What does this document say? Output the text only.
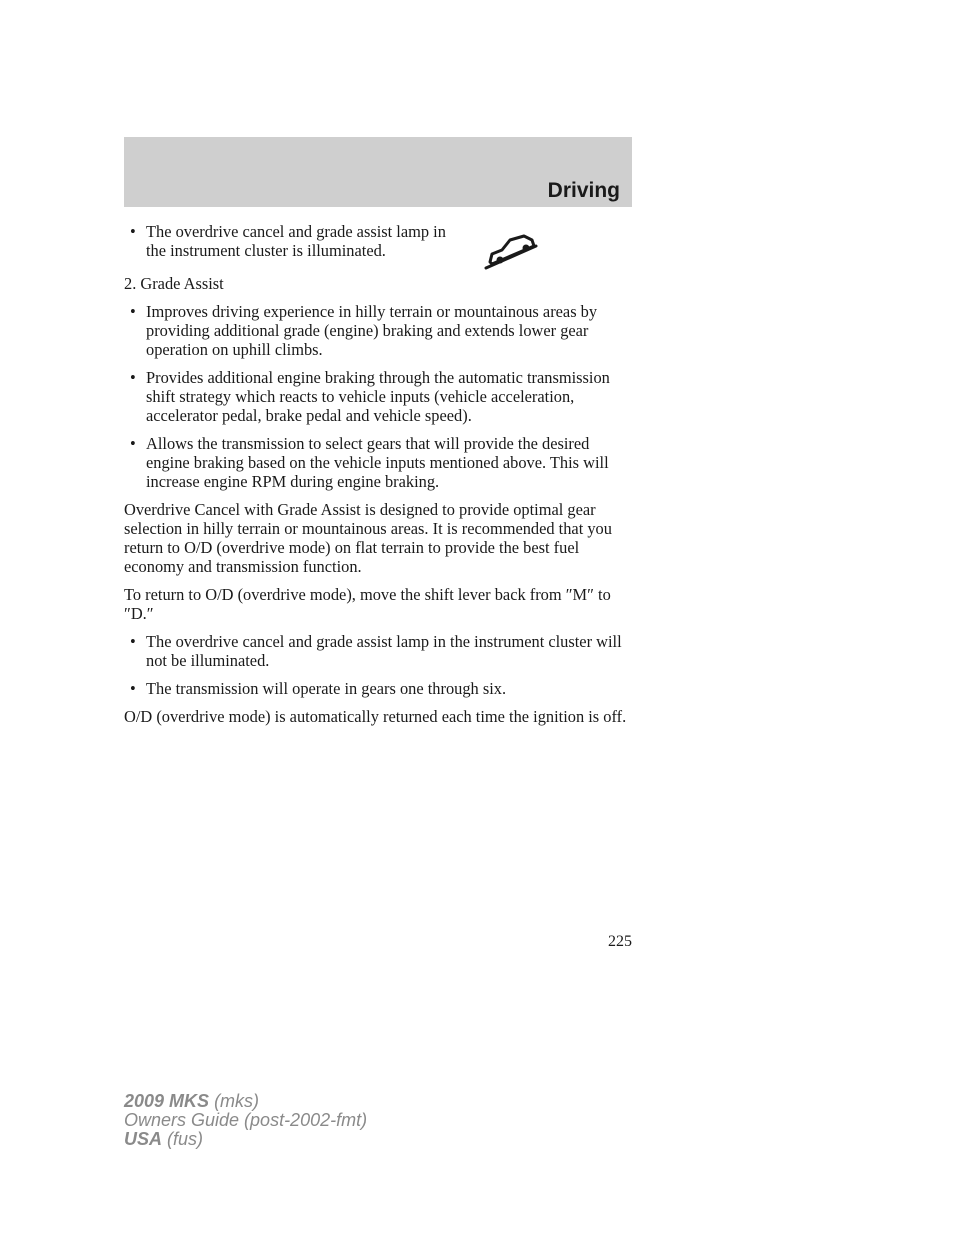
Driving
• The overdrive cancel and grade assist lamp in the instrument cluster is illuminated.
2. Grade Assist
• Improves driving experience in hilly terrain or mountainous areas by providing additional grade (engine) braking and extends lower gear operation on uphill climbs.
• Provides additional engine braking through the automatic transmission shift strategy which reacts to vehicle inputs (vehicle acceleration, accelerator pedal, brake pedal and vehicle speed).
• Allows the transmission to select gears that will provide the desired engine braking based on the vehicle inputs mentioned above. This will increase engine RPM during engine braking.
Overdrive Cancel with Grade Assist is designed to provide optimal gear selection in hilly terrain or mountainous areas. It is recommended that you return to O/D (overdrive mode) on flat terrain to provide the best fuel economy and transmission function.
To return to O/D (overdrive mode), move the shift lever back from ″M″ to ″D.″
• The overdrive cancel and grade assist lamp in the instrument cluster will not be illuminated.
• The transmission will operate in gears one through six.
O/D (overdrive mode) is automatically returned each time the ignition is off.
225
2009 MKS (mks)
Owners Guide (post-2002-fmt)
USA (fus)
